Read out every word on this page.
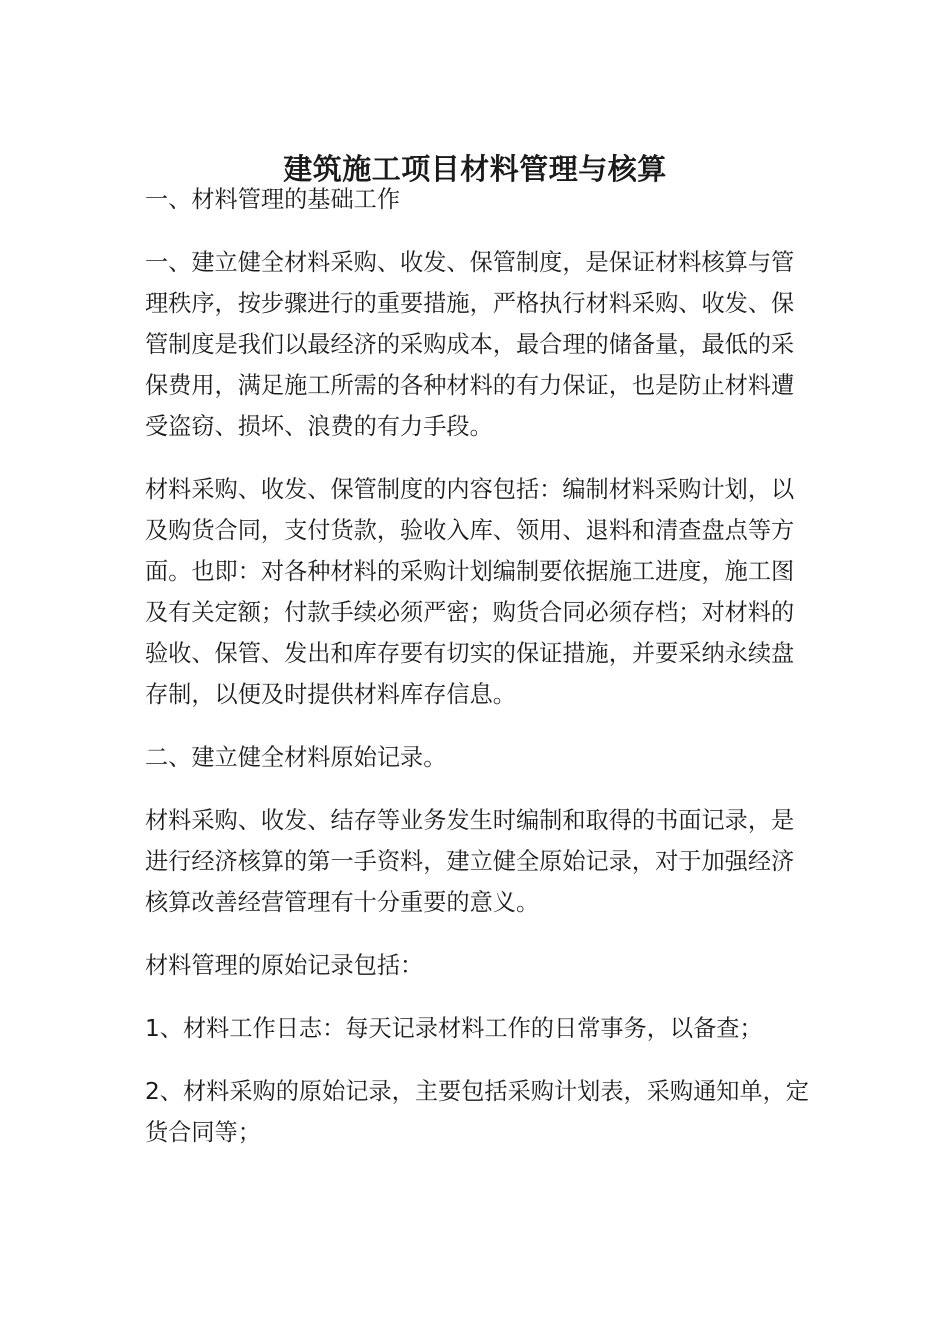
建筑施工项目材料管理与核算

一、材料管理的基础工作

一、建立健全材料采购、收发、保管制度，是保证材料核算与管理秩序，按步骤进行的重要措施，严格执行材料采购、收发、保管制度是我们以最经济的采购成本，最合理的储备量，最低的采保费用，满足施工所需的各种材料的有力保证，也是防止材料遭受盗窃、损坏、浪费的有力手段。

材料采购、收发、保管制度的内容包括：编制材料采购计划，以及购货合同，支付货款，验收入库、领用、退料和清查盘点等方面。也即：对各种材料的采购计划编制要依据施工进度，施工图及有关定额；付款手续必须严密；购货合同必须存档；对材料的验收、保管、发出和库存要有切实的保证措施，并要采纳永续盘存制，以便及时提供材料库存信息。

二、建立健全材料原始记录。

材料采购、收发、结存等业务发生时编制和取得的书面记录，是进行经济核算的第一手资料，建立健全原始记录，对于加强经济核算改善经营管理有十分重要的意义。

材料管理的原始记录包括：

1、材料工作日志：每天记录材料工作的日常事务，以备查；

2、材料采购的原始记录，主要包括采购计划表，采购通知单，定货合同等；
